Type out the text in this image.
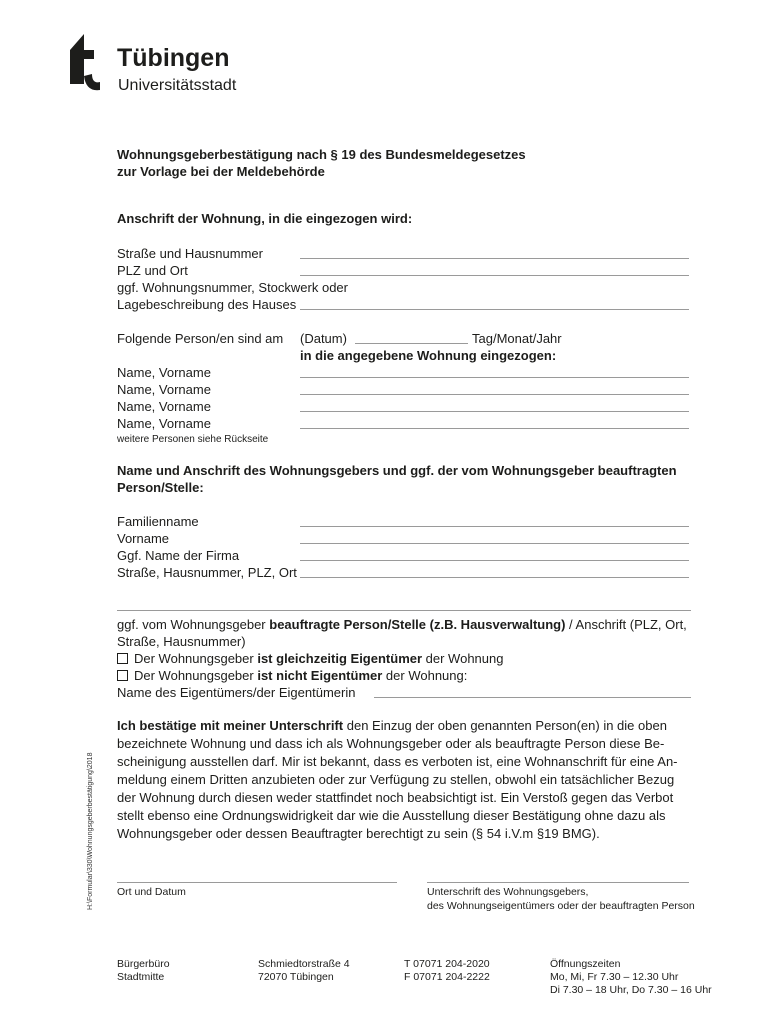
Tübingen
Universitätsstadt
Wohnungsgeberbestätigung nach § 19 des Bundesmeldegesetzes
zur Vorlage bei der Meldebehörde
Anschrift der Wohnung, in die eingezogen wird:
Straße und Hausnummer
PLZ und Ort
ggf. Wohnungsnummer, Stockwerk oder
Lagebeschreibung des Hauses
Folgende Person/en sind am (Datum)	Tag/Monat/Jahr
in die angegebene Wohnung eingezogen:
Name, Vorname
Name, Vorname
Name, Vorname
Name, Vorname
weitere Personen siehe Rückseite
Name und Anschrift des Wohnungsgebers und ggf. der vom Wohnungsgeber beauftragten
Person/Stelle:
Familienname
Vorname
Ggf. Name der Firma
Straße, Hausnummer, PLZ, Ort
ggf. vom Wohnungsgeber beauftragte Person/Stelle (z.B. Hausverwaltung) / Anschrift (PLZ, Ort,
Straße, Hausnummer)
Der Wohnungsgeber ist gleichzeitig Eigentümer der Wohnung
Der Wohnungsgeber ist nicht Eigentümer der Wohnung:
Name des Eigentümers/der Eigentümerin
Ich bestätige mit meiner Unterschrift den Einzug der oben genannten Person(en) in die oben
bezeichnete Wohnung und dass ich als Wohnungsgeber oder als beauftragte Person diese Be-
scheinigung ausstellen darf. Mir ist bekannt, dass es verboten ist, eine Wohnanschrift für eine An-
meldung einem Dritten anzubieten oder zur Verfügung zu stellen, obwohl ein tatsächlicher Bezug
der Wohnung durch diesen weder stattfindet noch beabsichtigt ist. Ein Verstoß gegen das Verbot
stellt ebenso eine Ordnungswidrigkeit dar wie die Ausstellung dieser Bestätigung ohne dazu als
Wohnungsgeber oder dessen Beauftragter berechtigt zu sein (§ 54 i.V.m §19 BMG).
Ort und Datum	Unterschrift des Wohnungsgebers,
des Wohnungseigentümers oder der beauftragten Person
H:\Formular\330\Wohnungsgeberbestätigung\2018
Bürgerbüro
Stadtmitte
Schmiedtorstraße 4
72070 Tübingen
T 07071 204-2020
F 07071 204-2222
Öffnungszeiten
Mo, Mi, Fr 7.30 – 12.30 Uhr
Di 7.30 – 18 Uhr, Do 7.30 – 16 Uhr
